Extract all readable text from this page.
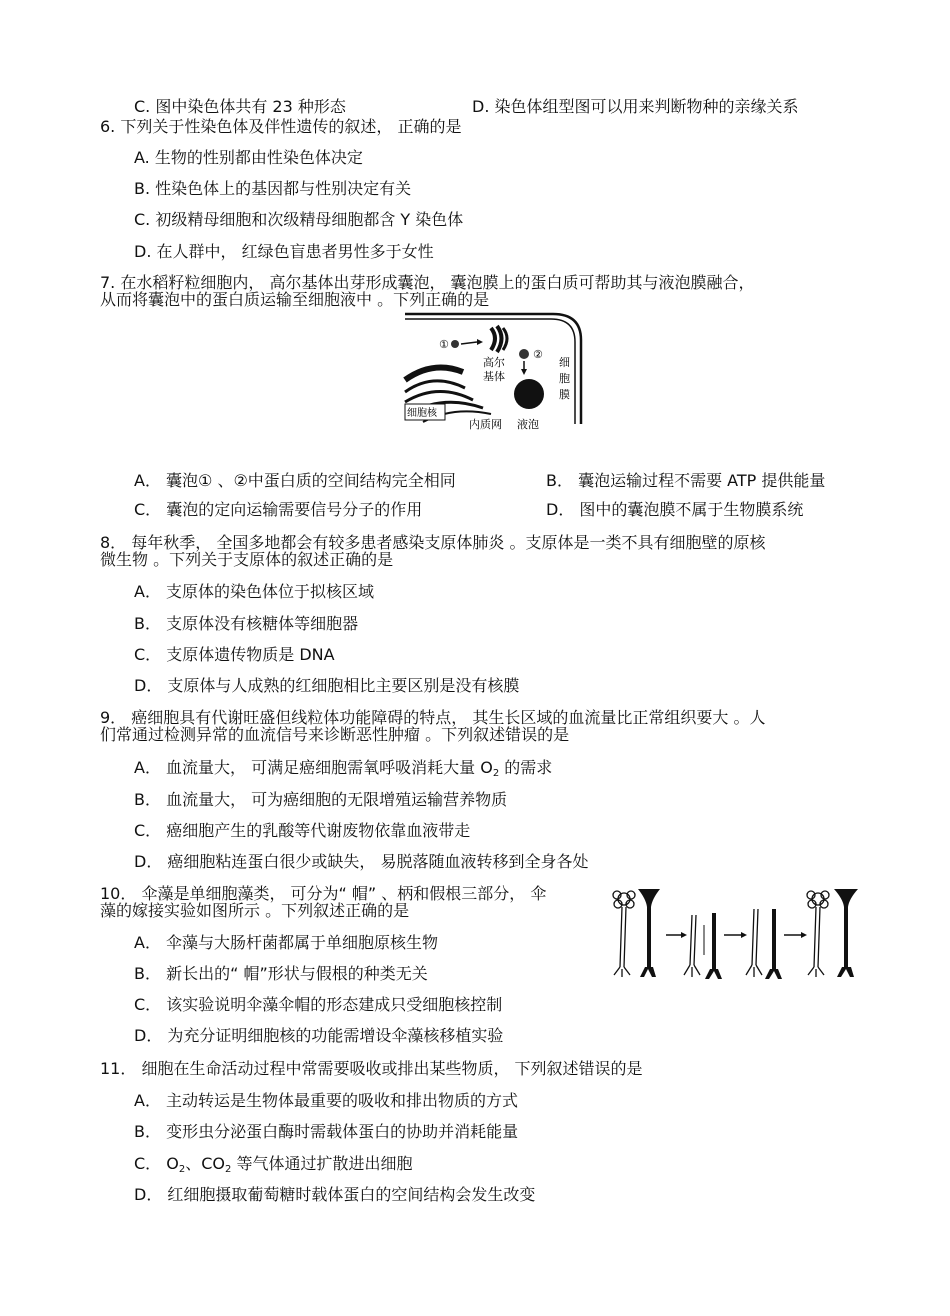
C. 图中染色体共有 23 种形态	D. 染色体组型图可以用来判断物种的亲缘关系
6. 下列关于性染色体及伴性遗传的叙述， 正确的是
A. 生物的性别都由性染色体决定
B. 性染色体上的基因都与性别决定有关
C. 初级精母细胞和次级精母细胞都含 Y 染色体
D. 在人群中， 红绿色盲患者男性多于女性
7. 在水稻籽粒细胞内， 高尔基体出芽形成囊泡， 囊泡膜上的蛋白质可帮助其与液泡膜融合，
从而将囊泡中的蛋白质运输至细胞液中 。下列正确的是
①
高尔
基体
②
细
胞
膜
细胞核
内质网 液泡
A． 囊泡① 、②中蛋白质的空间结构完全相同	B． 囊泡运输过程不需要 ATP 提供能量
C． 囊泡的定向运输需要信号分子的作用	D． 图中的囊泡膜不属于生物膜系统
8． 每年秋季， 全国多地都会有较多患者感染支原体肺炎 。支原体是一类不具有细胞壁的原核
微生物 。下列关于支原体的叙述正确的是
A． 支原体的染色体位于拟核区域
B． 支原体没有核糖体等细胞器
C． 支原体遗传物质是 DNA
D． 支原体与人成熟的红细胞相比主要区别是没有核膜
9． 癌细胞具有代谢旺盛但线粒体功能障碍的特点， 其生长区域的血流量比正常组织要大 。人
们常通过检测异常的血流信号来诊断恶性肿瘤 。下列叙述错误的是
A． 血流量大， 可满足癌细胞需氧呼吸消耗大量 $O_2$ 的需求
B． 血流量大， 可为癌细胞的无限增殖运输营养物质
C． 癌细胞产生的乳酸等代谢废物依靠血液带走
D． 癌细胞粘连蛋白很少或缺失， 易脱落随血液转移到全身各处
10． 伞藻是单细胞藻类， 可分为“ 帽” 、柄和假根三部分， 伞
藻的嫁接实验如图所示 。下列叙述正确的是
A． 伞藻与大肠杆菌都属于单细胞原核生物
B． 新长出的“ 帽”形状与假根的种类无关
C． 该实验说明伞藻伞帽的形态建成只受细胞核控制
D． 为充分证明细胞核的功能需增设伞藻核移植实验
11． 细胞在生命活动过程中常需要吸收或排出某些物质， 下列叙述错误的是
A． 主动转运是生物体最重要的吸收和排出物质的方式
B． 变形虫分泌蛋白酶时需载体蛋白的协助并消耗能量
C． $O_2$、$CO_2$ 等气体通过扩散进出细胞
D． 红细胞摄取葡萄糖时载体蛋白的空间结构会发生改变
